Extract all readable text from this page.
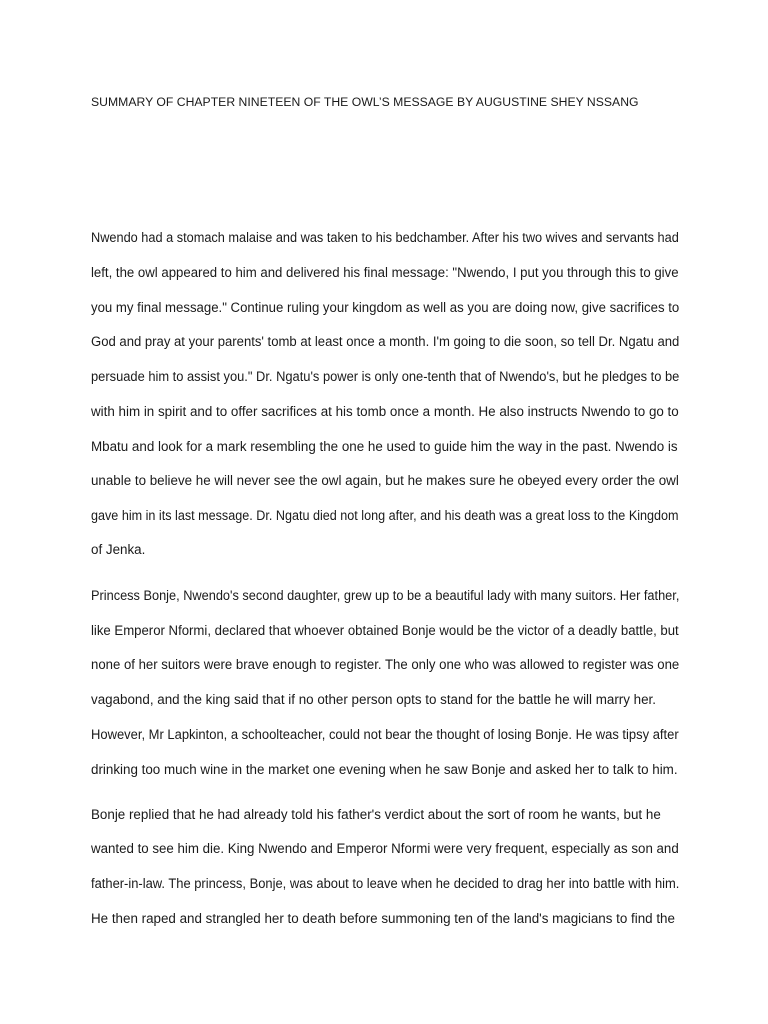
SUMMARY OF CHAPTER NINETEEN OF THE OWL’S MESSAGE BY AUGUSTINE SHEY NSSANG

Nwendo had a stomach malaise and was taken to his bedchamber. After his two wives and servants had

left, the owl appeared to him and delivered his final message: "Nwendo, I put you through this to give

you my final message." Continue ruling your kingdom as well as you are doing now, give sacrifices to

God and pray at your parents' tomb at least once a month. I'm going to die soon, so tell Dr. Ngatu and

persuade him to assist you." Dr. Ngatu's power is only one-tenth that of Nwendo's, but he pledges to be

with him in spirit and to offer sacrifices at his tomb once a month. He also instructs Nwendo to go to

Mbatu and look for a mark resembling the one he used to guide him the way in the past. Nwendo is

unable to believe he will never see the owl again, but he makes sure he obeyed every order the owl

gave him in its last message. Dr. Ngatu died not long after, and his death was a great loss to the Kingdom

of Jenka.

Princess Bonje, Nwendo's second daughter, grew up to be a beautiful lady with many suitors. Her father,

like Emperor Nformi, declared that whoever obtained Bonje would be the victor of a deadly battle, but

none of her suitors were brave enough to register. The only one who was allowed to register was one

vagabond, and the king said that if no other person opts to stand for the battle he will marry her.

However, Mr Lapkinton, a schoolteacher, could not bear the thought of losing Bonje. He was tipsy after

drinking too much wine in the market one evening when he saw Bonje and asked her to talk to him.

Bonje replied that he had already told his father's verdict about the sort of room he wants, but he

wanted to see him die. King Nwendo and Emperor Nformi were very frequent, especially as son and

father-in-law. The princess, Bonje, was about to leave when he decided to drag her into battle with him.

He then raped and strangled her to death before summoning ten of the land's magicians to find the
